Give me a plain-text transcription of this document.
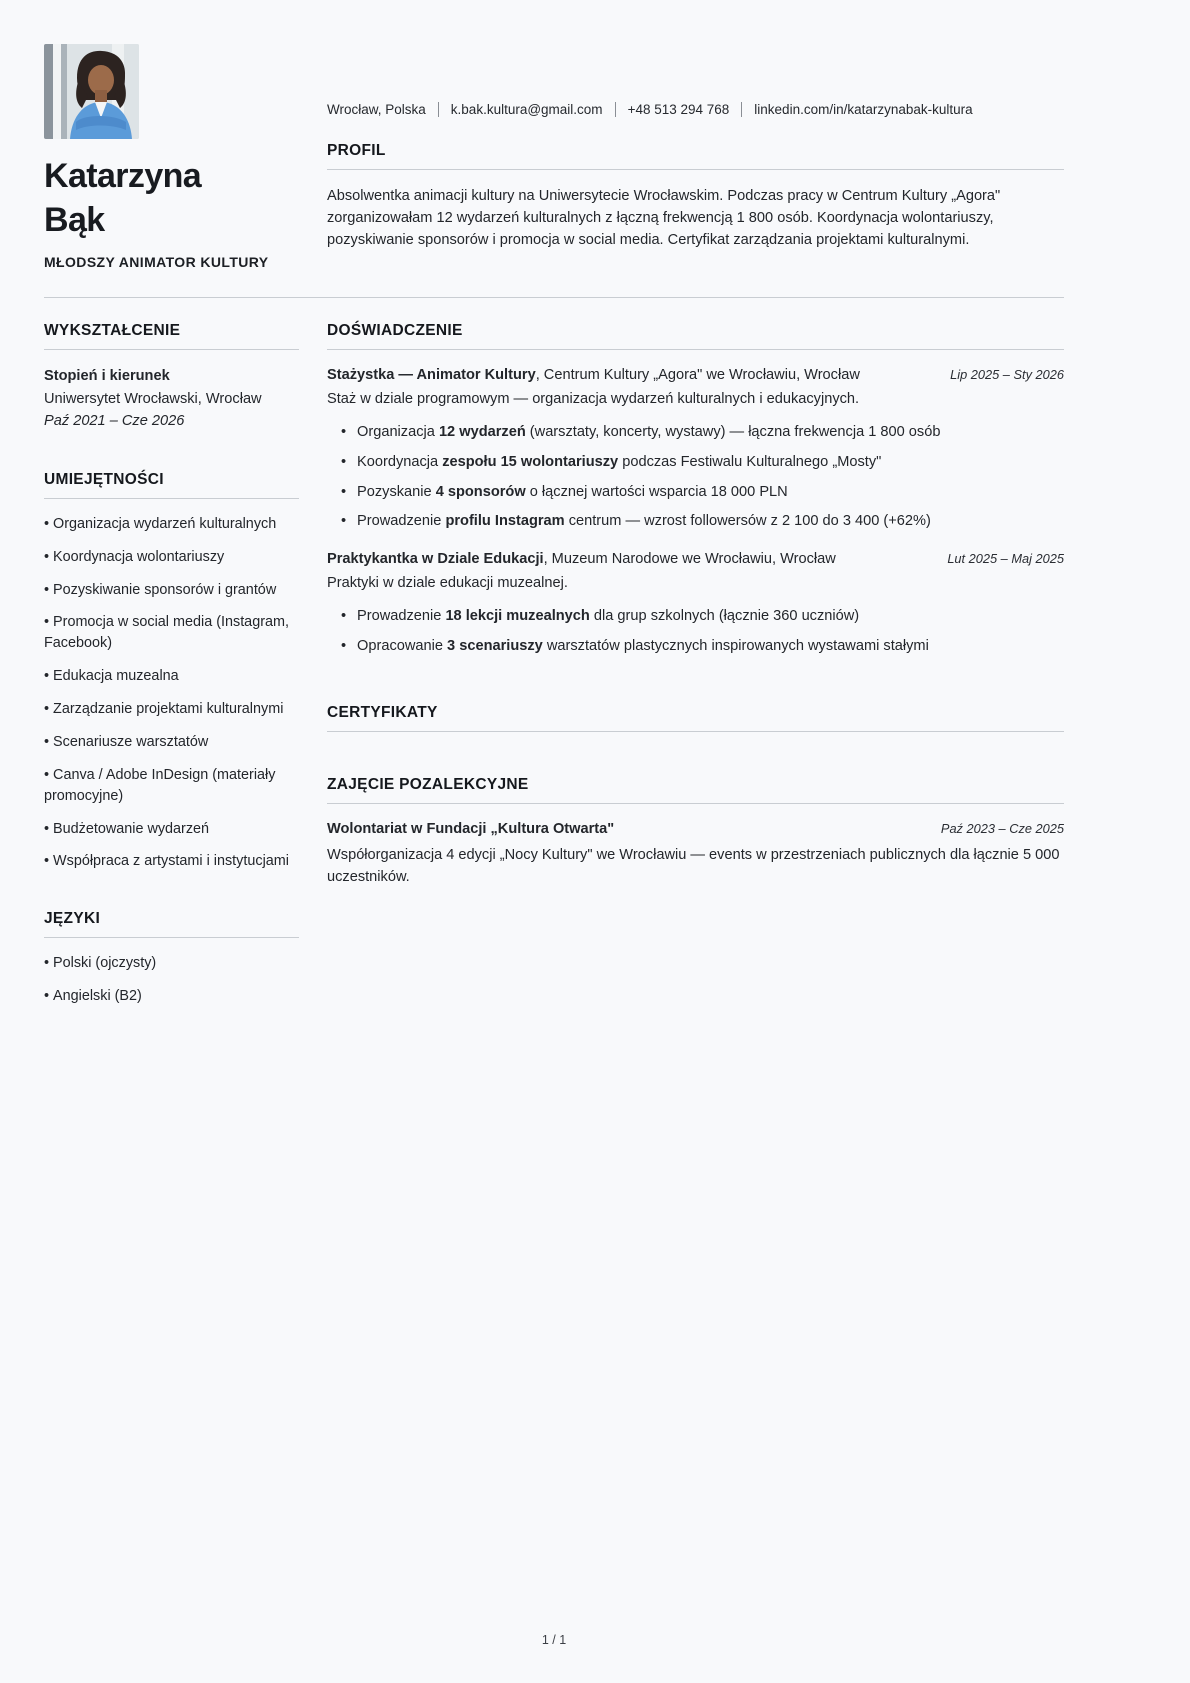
Katarzyna
Bąk
MŁODSZY ANIMATOR KULTURY
Wrocław, Polska	k.bak.kultura@gmail.com	+48 513 294 768	linkedin.com/in/katarzynabak-kultura
PROFIL

Absolwentka animacji kultury na Uniwersytecie Wrocławskim. Podczas pracy w Centrum Kultury „Agora" zorganizowałam 12 wydarzeń kulturalnych z łączną frekwencją 1 800 osób. Koordynacja wolontariuszy, pozyskiwanie sponsorów i promocja w social media. Certyfikat zarządzania projektami kulturalnymi.

WYKSZTAŁCENIE
Stopień i kierunek
Uniwersytet Wrocławski, Wrocław
Paź 2021 – Cze 2026
UMIEJĘTNOŚCI
• Organizacja wydarzeń kulturalnych
• Koordynacja wolontariuszy
• Pozyskiwanie sponsorów i grantów
• Promocja w social media (Instagram, Facebook)
• Edukacja muzealna
• Zarządzanie projektami kulturalnymi
• Scenariusze warsztatów
• Canva / Adobe InDesign (materiały promocyjne)
• Budżetowanie wydarzeń
• Współpraca z artystami i instytucjami
JĘZYKI
• Polski (ojczysty)
• Angielski (B2)
DOŚWIADCZENIE
Stażystka — Animator Kultury, Centrum Kultury „Agora" we Wrocławiu, Wrocław	Lip 2025 – Sty 2026

Staż w dziale programowym — organizacja wydarzeń kulturalnych i edukacyjnych.

• Organizacja 12 wydarzeń (warsztaty, koncerty, wystawy) — łączna frekwencja 1 800 osób
• Koordynacja zespołu 15 wolontariuszy podczas Festiwalu Kulturalnego „Mosty"
• Pozyskanie 4 sponsorów o łącznej wartości wsparcia 18 000 PLN
• Prowadzenie profilu Instagram centrum — wzrost followersów z 2 100 do 3 400 (+62%)
Praktykantka w Dziale Edukacji, Muzeum Narodowe we Wrocławiu, Wrocław	Lut 2025 – Maj 2025

Praktyki w dziale edukacji muzealnej.

• Prowadzenie 18 lekcji muzealnych dla grup szkolnych (łącznie 360 uczniów)
• Opracowanie 3 scenariuszy warsztatów plastycznych inspirowanych wystawami stałymi
CERTYFIKATY
ZAJĘCIE POZALEKCYJNE
Wolontariat w Fundacji „Kultura Otwarta"	Paź 2023 – Cze 2025

Współorganizacja 4 edycji „Nocy Kultury" we Wrocławiu — events w przestrzeniach publicznych dla łącznie 5 000 uczestników.

1 / 1
